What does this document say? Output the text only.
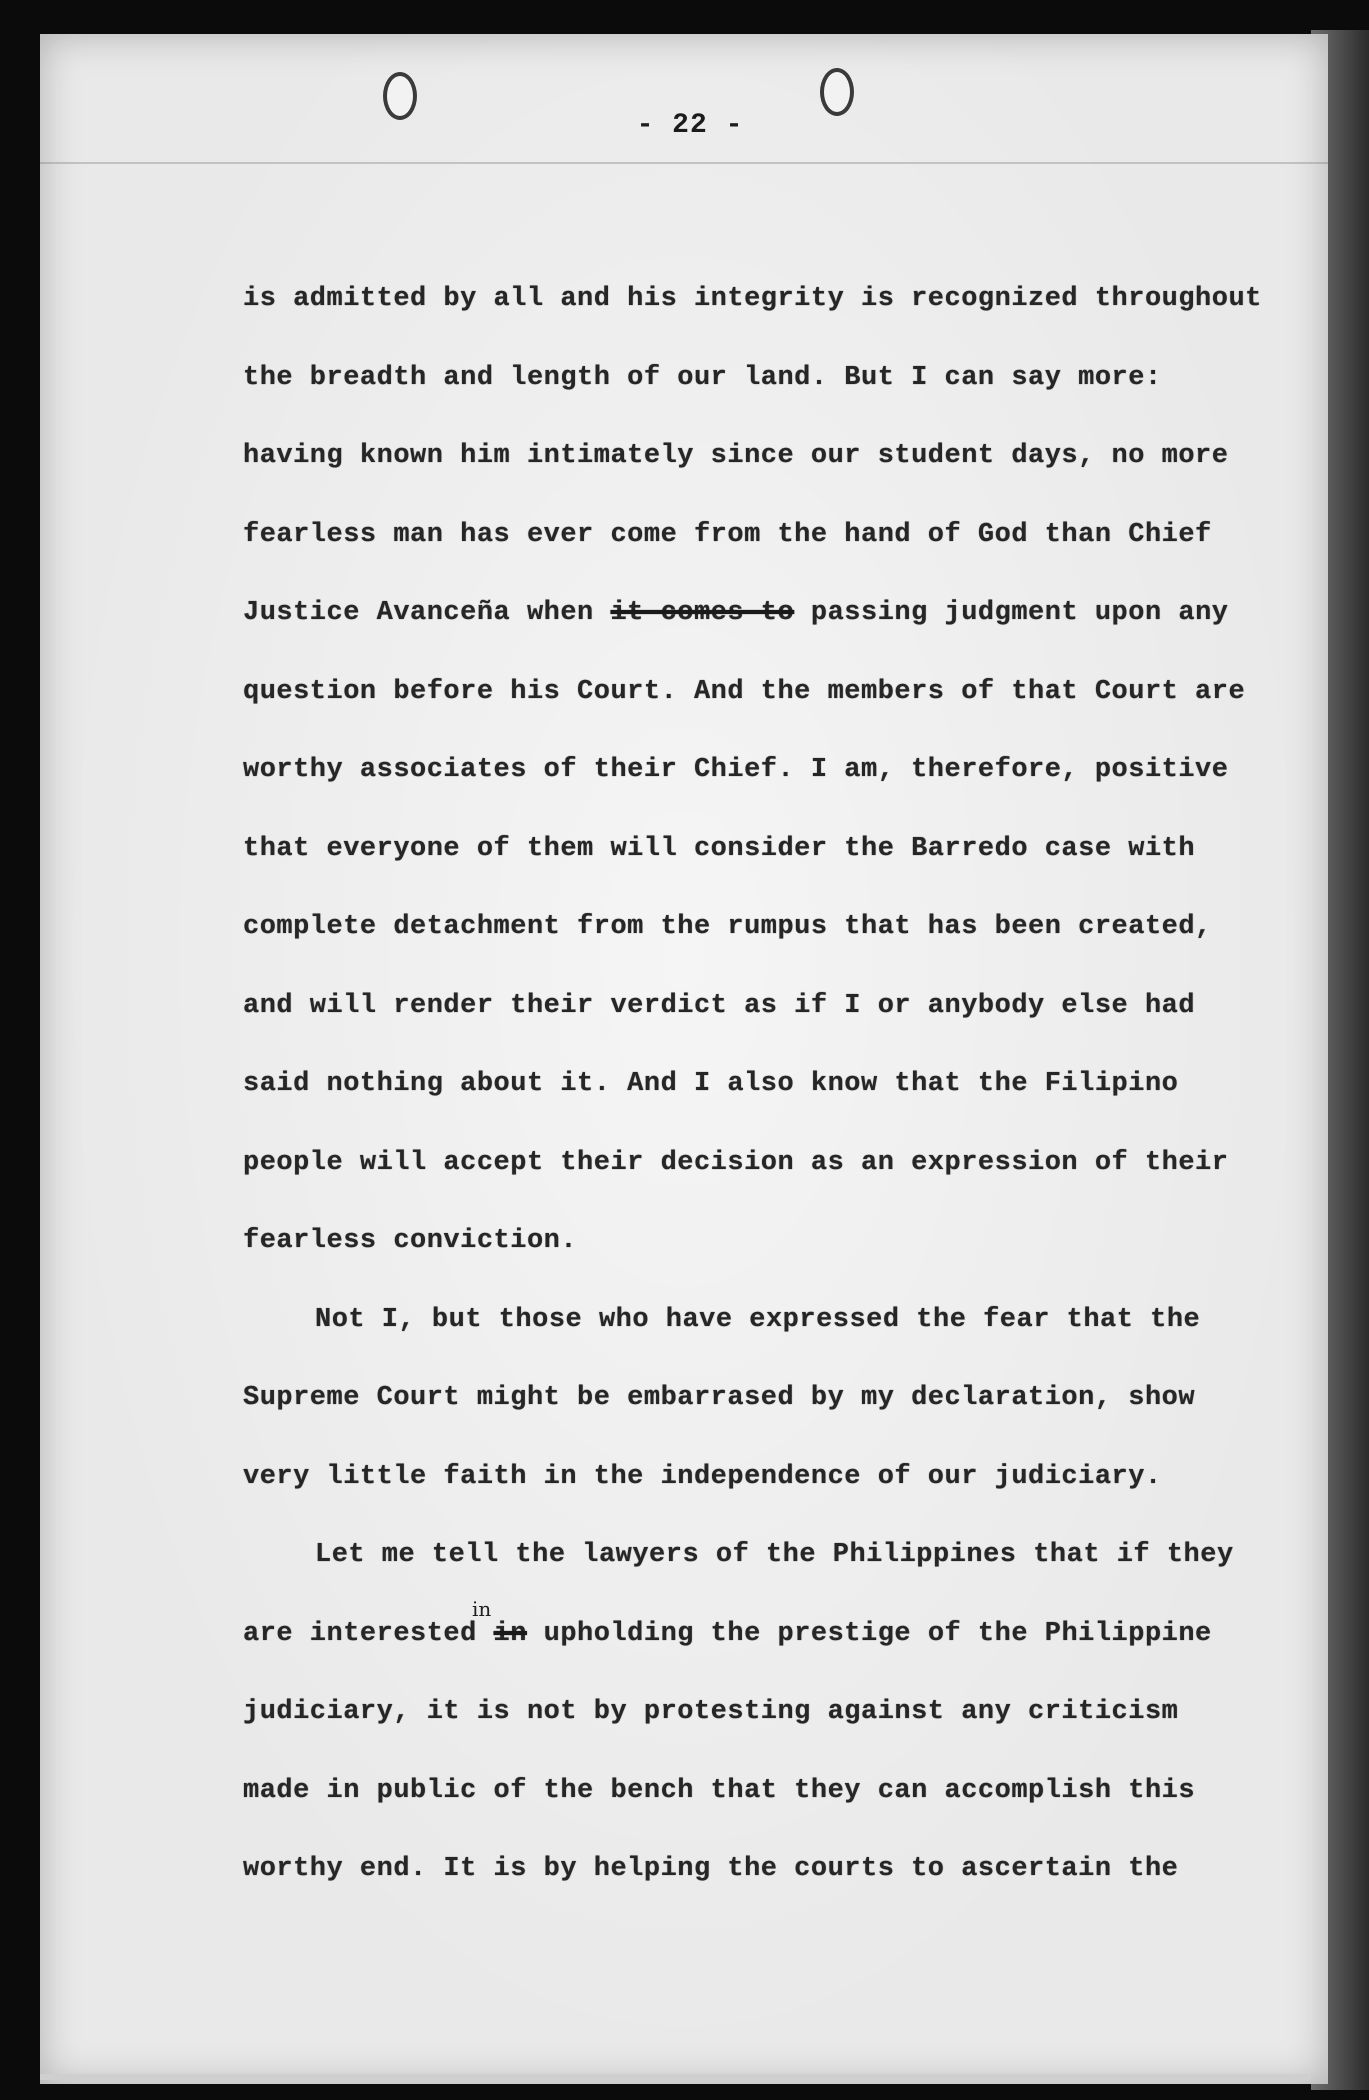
- 22 -
is admitted by all and his integrity is recognized throughout
the breadth and length of our land. But I can say more:
having known him intimately since our student days, no more
fearless man has ever come from the hand of God than Chief
Justice Avanceña when it comes to passing judgment upon any
question before his Court. And the members of that Court are
worthy associates of their Chief. I am, therefore, positive
that everyone of them will consider the Barredo case with
complete detachment from the rumpus that has been created,
and will render their verdict as if I or anybody else had
said nothing about it. And I also know that the Filipino
people will accept their decision as an expression of their
fearless conviction.
Not I, but those who have expressed the fear that the
Supreme Court might be embarrased by my declaration, show
very little faith in the independence of our judiciary.
Let me tell the lawyers of the Philippines that if they
are interested in upholding the prestige of the Philippine
judiciary, it is not by protesting against any criticism
made in public of the bench that they can accomplish this
worthy end. It is by helping the courts to ascertain the
in
